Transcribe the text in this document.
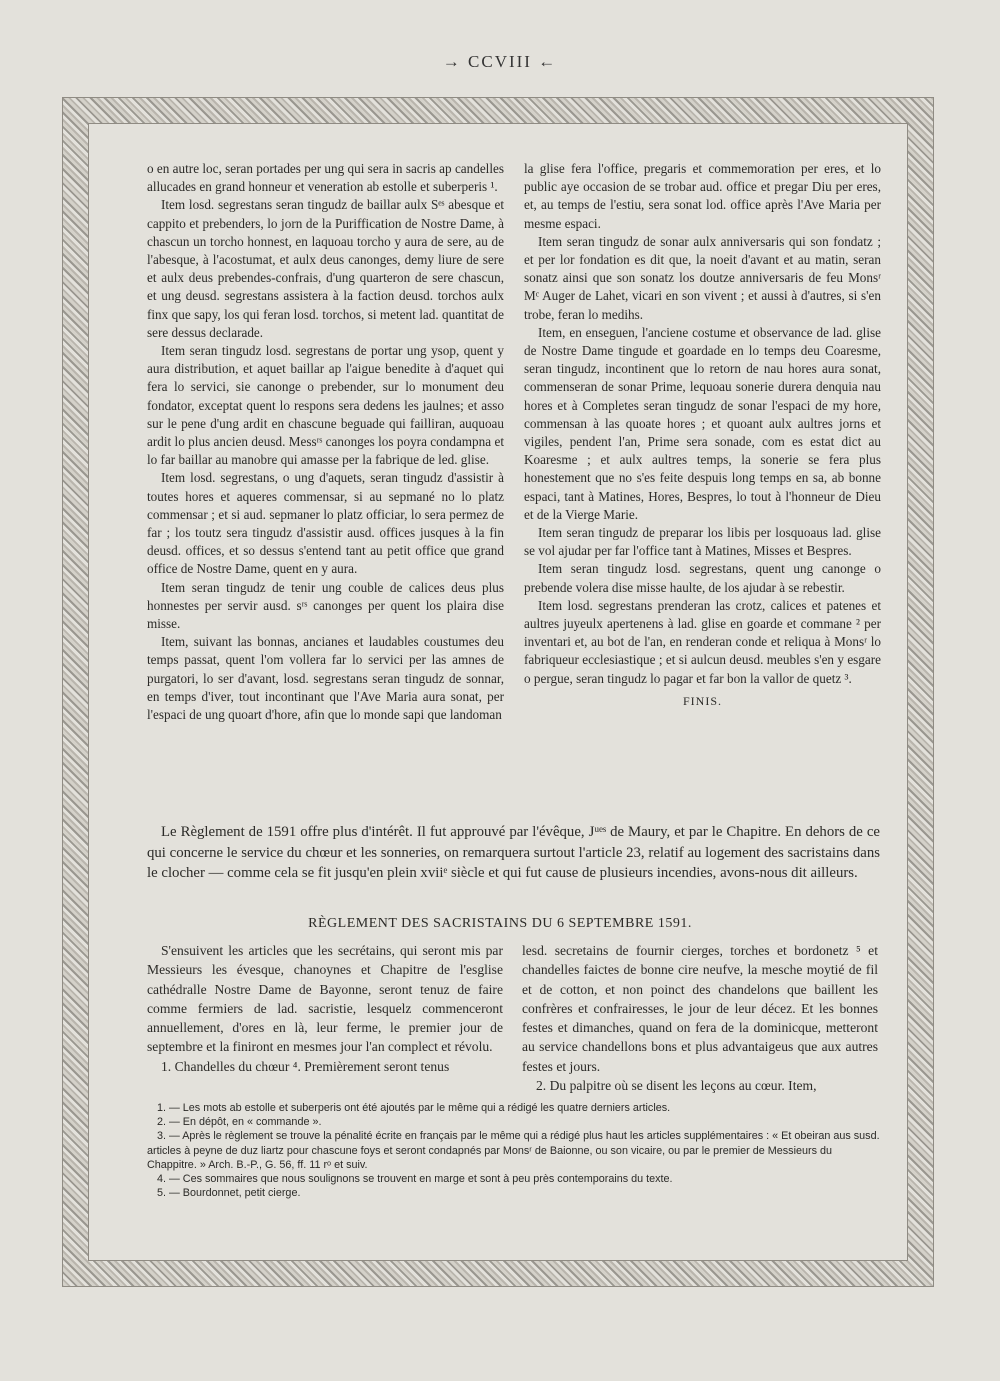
→ CCVIII ←

o en autre loc, seran portades per ung qui sera in sacris ap candelles allucades en grand honneur et veneration ab estolle et suberperis ¹.

Item losd. segrestans seran tingudz de baillar aulx Sᵉˢ abesque et cappito et prebenders, lo jorn de la Puriffication de Nostre Dame, à chascun un torcho honnest, en laquoau torcho y aura de sere, au de l'abesque, à l'acostumat, et aulx deus canonges, demy liure de sere et aulx deus prebendes-confrais, d'ung quarteron de sere chascun, et ung deusd. segrestans assistera à la faction deusd. torchos aulx finx que sapy, los qui feran losd. torchos, si metent lad. quantitat de sere dessus declarade.

Item seran tingudz losd. segrestans de portar ung ysop, quent y aura distribution, et aquet baillar ap l'aigue benedite à d'aquet qui fera lo servici, sie canonge o prebender, sur lo monument deu fondator, exceptat quent lo respons sera dedens les jaulnes; et asso sur le pene d'ung ardit en chascune beguade qui failliran, auquoau ardit lo plus ancien deusd. Messʳˢ canonges los poyra condampna et lo far baillar au manobre qui amasse per la fabrique de led. glise.

Item losd. segrestans, o ung d'aquets, seran tingudz d'assistir à toutes hores et aqueres commensar, si au sepmané no lo platz commensar ; et si aud. sepmaner lo platz officiar, lo sera permez de far ; los toutz sera tingudz d'assistir ausd. offices jusques à la fin deusd. offices, et so dessus s'entend tant au petit office que grand office de Nostre Dame, quent en y aura.

Item seran tingudz de tenir ung couble de calices deus plus honnestes per servir ausd. sʳˢ canonges per quent los plaira dise misse.

Item, suivant las bonnas, ancianes et laudables coustumes deu temps passat, quent l'om vollera far lo servici per las amnes de purgatori, lo ser d'avant, losd. segrestans seran tingudz de sonnar, en temps d'iver, tout incontinant que l'Ave Maria aura sonat, per l'espaci de ung quoart d'hore, afin que lo monde sapi que landoman

la glise fera l'office, pregaris et commemoration per eres, et lo public aye occasion de se trobar aud. office et pregar Diu per eres, et, au temps de l'estiu, sera sonat lod. office après l'Ave Maria per mesme espaci.

Item seran tingudz de sonar aulx anniversaris qui son fondatz ; et per lor fondation es dit que, la noeit d'avant et au matin, seran sonatz ainsi que son sonatz los doutze anniversaris de feu Monsʳ Mᶜ Auger de Lahet, vicari en son vivent ; et aussi à d'autres, si s'en trobe, feran lo medihs.

Item, en enseguen, l'anciene costume et observance de lad. glise de Nostre Dame tingude et goardade en lo temps deu Coaresme, seran tingudz, incontinent que lo retorn de nau hores aura sonat, commenseran de sonar Prime, lequoau sonerie durera denquia nau hores et à Completes seran tingudz de sonar l'espaci de my hore, commensan à las quoate hores ; et quoant aulx aultres jorns et vigiles, pendent l'an, Prime sera sonade, com es estat dict au Koaresme ; et aulx aultres temps, la sonerie se fera plus honestement que no s'es feite despuis long temps en sa, ab bonne espaci, tant à Matines, Hores, Bespres, lo tout à l'honneur de Dieu et de la Vierge Marie.

Item seran tingudz de preparar los libis per losquoaus lad. glise se vol ajudar per far l'office tant à Matines, Misses et Bespres.

Item seran tingudz losd. segrestans, quent ung canonge o prebende volera dise misse haulte, de los ajudar à se rebestir.

Item losd. segrestans prenderan las crotz, calices et patenes et aultres juyeulx apertenens à lad. glise en goarde et commane ² per inventari et, au bot de l'an, en renderan conde et reliqua à Monsʳ lo fabriqueur ecclesiastique ; et si aulcun deusd. meubles s'en y esgare o pergue, seran tingudz lo pagar et far bon la vallor de quetz ³.

FINIS.

Le Règlement de 1591 offre plus d'intérêt. Il fut approuvé par l'évêque, Jᵘᵉˢ de Maury, et par le Chapitre. En dehors de ce qui concerne le service du chœur et les sonneries, on remarquera surtout l'article 23, relatif au logement des sacristains dans le clocher — comme cela se fit jusqu'en plein xviiᵉ siècle et qui fut cause de plusieurs incendies, avons-nous dit ailleurs.

RÈGLEMENT DES SACRISTAINS DU 6 SEPTEMBRE 1591.

S'ensuivent les articles que les secrétains, qui seront mis par Messieurs les évesque, chanoynes et Chapitre de l'esglise cathédralle Nostre Dame de Bayonne, seront tenuz de faire comme fermiers de lad. sacristie, lesquelz commenceront annuellement, d'ores en là, leur ferme, le premier jour de septembre et la finiront en mesmes jour l'an complect et révolu.

1. Chandelles du chœur ⁴. Premièrement seront tenus

lesd. secretains de fournir cierges, torches et bordonetz ⁵ et chandelles faictes de bonne cire neufve, la mesche moytié de fil et de cotton, et non poinct des chandelons que baillent les confrères et confrairesses, le jour de leur décez. Et les bonnes festes et dimanches, quand on fera de la dominicque, metteront au service chandellons bons et plus advantaigeus que aux autres festes et jours.

2. Du palpitre où se disent les leçons au cœur. Item,

1. — Les mots ab estolle et suberperis ont été ajoutés par le même qui a rédigé les quatre derniers articles.

2. — En dépôt, en « commande ».

3. — Après le règlement se trouve la pénalité écrite en français par le même qui a rédigé plus haut les articles supplémentaires : « Et obeiran aus susd. articles à peyne de duz liartz pour chascune foys et seront condapnés par Monsʳ de Baionne, ou son vicaire, ou par le premier de Messieurs du Chappitre. » Arch. B.-P., G. 56, ff. 11 rᵒ et suiv.

4. — Ces sommaires que nous soulignons se trouvent en marge et sont à peu près contemporains du texte.

5. — Bourdonnet, petit cierge.
